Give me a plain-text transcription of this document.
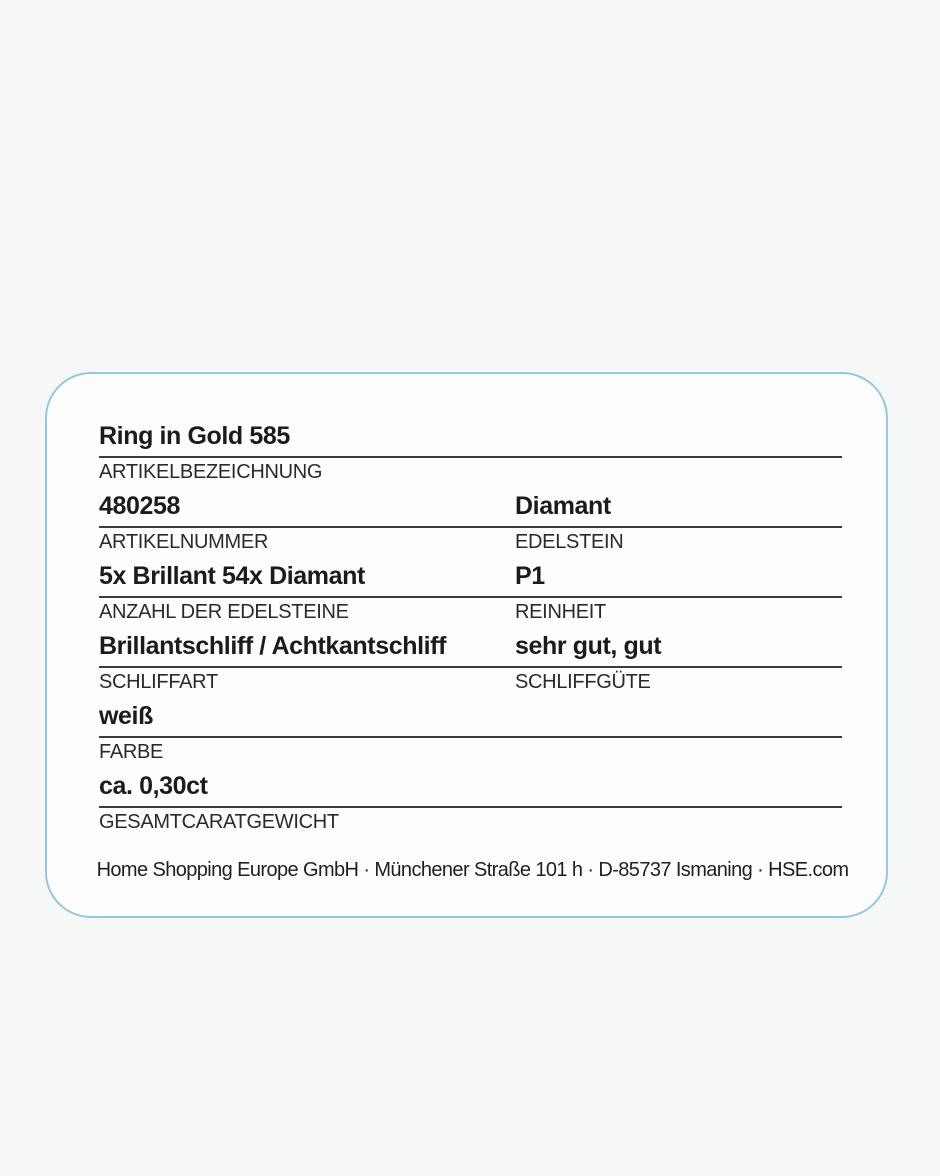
Ring in Gold 585
ARTIKELBEZEICHNUNG
480258	Diamant
ARTIKELNUMMER	EDELSTEIN
5x Brillant 54x Diamant	P1
ANZAHL DER EDELSTEINE	REINHEIT
Brillantschliff / Achtkantschliff	sehr gut, gut
SCHLIFFART	SCHLIFFGÜTE
weiß
FARBE
ca. 0,30ct
GESAMTCARATGEWICHT
Home Shopping Europe GmbH · Münchener Straße 101 h · D-85737 Ismaning · HSE.com
